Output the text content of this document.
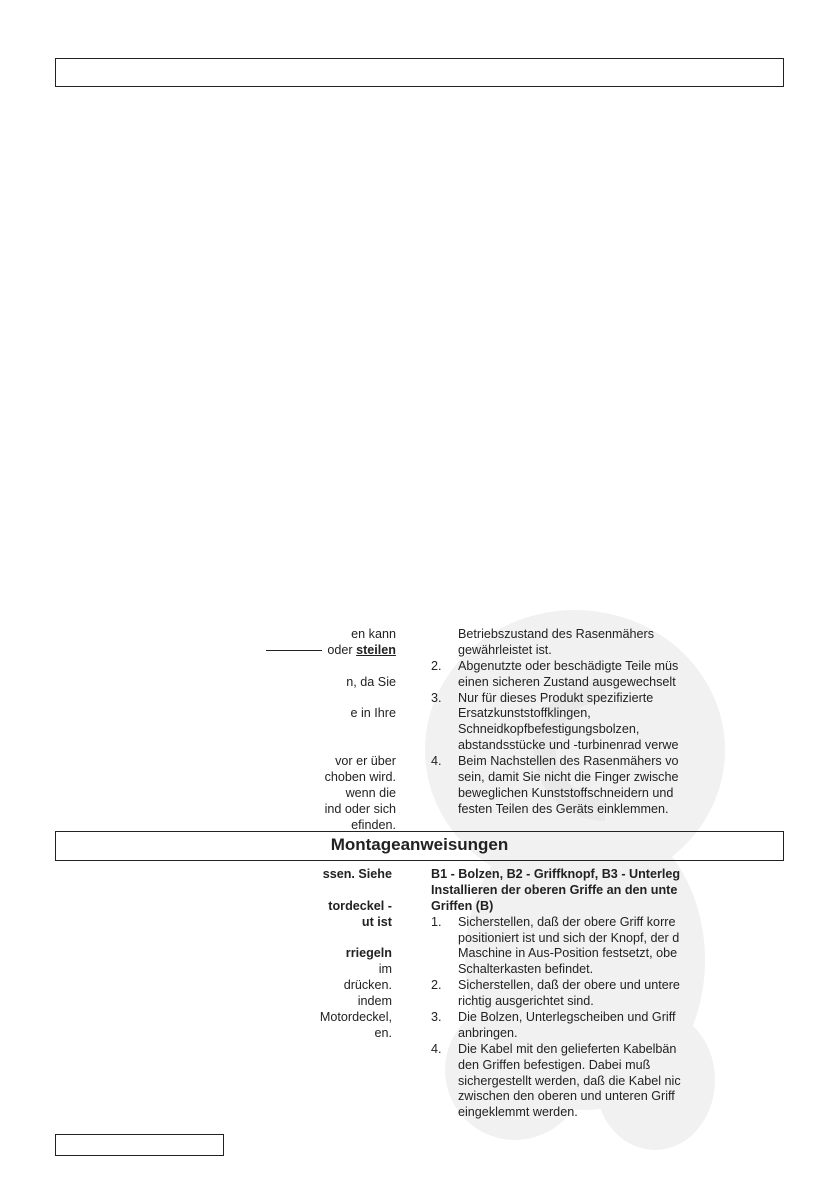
en kann
oder steilen
n, da Sie
e in Ihre
vor er über
choben wird.
wenn die
ind oder sich
efinden.
Betriebszustand des Rasenmähers
gewährleistet ist.
2. Abgenutzte oder beschädigte Teile müs
einen sicheren Zustand ausgewechselt
3. Nur für dieses Produkt spezifizierte
Ersatzkunststoffklingen,
Schneidkopfbefestigungsbolzen,
abstandsstücke und -turbinenrad verwe
4. Beim Nachstellen des Rasenmähers vo
sein, damit Sie nicht die Finger zwische
beweglichen Kunststoffschneidern und
festen Teilen des Geräts einklemmen.
Montageanweisungen
ssen. Siehe
tordeckel -
ut ist
rriegeln
im
drücken.
indem
Motordeckel,
en.
B1 - Bolzen, B2 - Griffknopf, B3 - Unterleg
Installieren der oberen Griffe an den unte
Griffen (B)
1. Sicherstellen, daß der obere Griff korre
positioniert ist und sich der Knopf, der d
Maschine in Aus-Position festsetzt, obe
Schalterkasten befindet.
2. Sicherstellen, daß der obere und untere
richtig ausgerichtet sind.
3. Die Bolzen, Unterlegscheiben und Griff
anbringen.
4. Die Kabel mit den gelieferten Kabelbän
den Griffen befestigen. Dabei muß
sichergestellt werden, daß die Kabel nic
zwischen den oberen und unteren Griff
eingeklemmt werden.
